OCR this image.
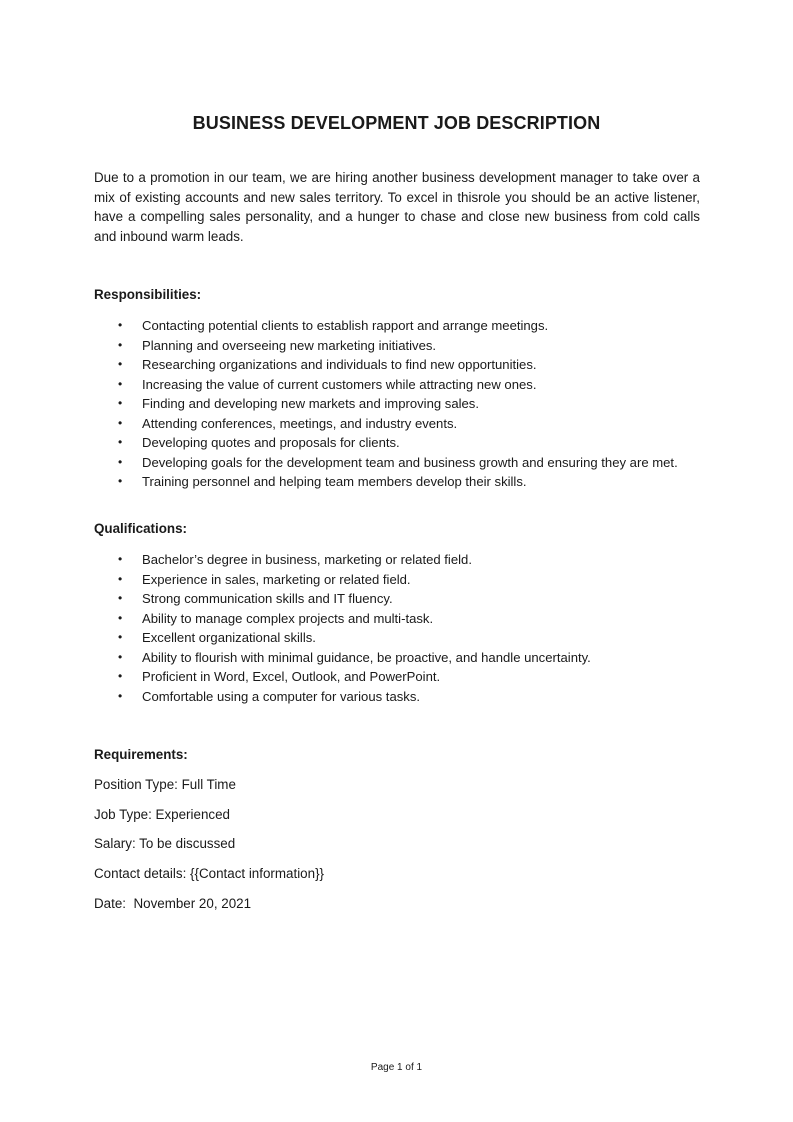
BUSINESS DEVELOPMENT JOB DESCRIPTION

Due to a promotion in our team, we are hiring another business development manager to take over a mix of existing accounts and new sales territory. To excel in thisrole you should be an active listener, have a compelling sales personality, and a hunger to chase and close new business from cold calls and inbound warm leads.

Responsibilities:

• Contacting potential clients to establish rapport and arrange meetings.
• Planning and overseeing new marketing initiatives.
• Researching organizations and individuals to find new opportunities.
• Increasing the value of current customers while attracting new ones.
• Finding and developing new markets and improving sales.
• Attending conferences, meetings, and industry events.
• Developing quotes and proposals for clients.
• Developing goals for the development team and business growth and ensuring they are met.
• Training personnel and helping team members develop their skills.

Qualifications:

• Bachelor’s degree in business, marketing or related field.
• Experience in sales, marketing or related field.
• Strong communication skills and IT fluency.
• Ability to manage complex projects and multi-task.
• Excellent organizational skills.
• Ability to flourish with minimal guidance, be proactive, and handle uncertainty.
• Proficient in Word, Excel, Outlook, and PowerPoint.
• Comfortable using a computer for various tasks.

Requirements:

Position Type: Full Time

Job Type: Experienced

Salary: To be discussed

Contact details: {{Contact information}}

Date:  November 20, 2021

Page 1 of 1
